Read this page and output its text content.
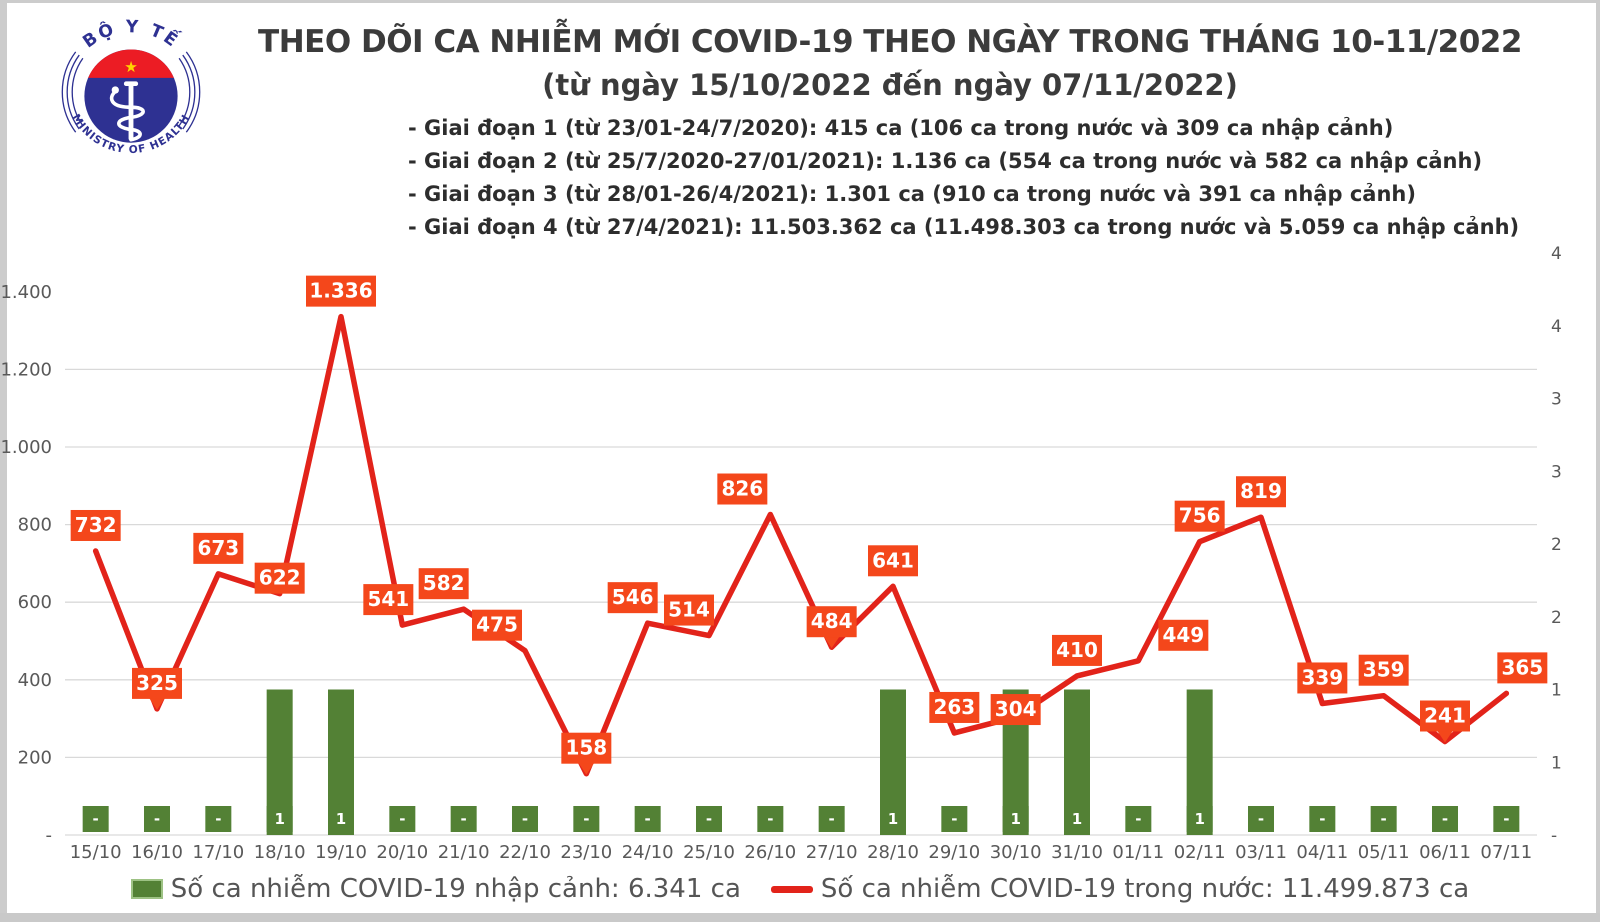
★
BỘ Y TẾ
MINISTRY OF HEALTH
THEO DÕI CA NHIỄM MỚI COVID-19 THEO NGÀY TRONG THÁNG 10-11/2022
(từ ngày 15/10/2022 đến ngày 07/11/2022)
- Giai đoạn 1 (từ 23/01-24/7/2020): 415 ca (106 ca trong nước và 309 ca nhập cảnh)
- Giai đoạn 2 (từ 25/7/2020-27/01/2021): 1.136 ca (554 ca trong nước và 582 ca nhập cảnh)
- Giai đoạn 3 (từ 28/01-26/4/2021): 1.301 ca (910 ca trong nước và 391 ca nhập cảnh)
- Giai đoạn 4 (từ 27/4/2021): 11.503.362 ca (11.498.303 ca trong nước và 5.059 ca nhập cảnh)
1.400
1.200
1.000
800
600
400
200
-
4
4
3
3
2
2
1
1
-
15/10 16/10 17/10 18/10 19/10 20/10 21/10 22/10 23/10 24/10 25/10 26/10 27/10 28/10 29/10 30/10 31/10 01/11 02/11 03/11 04/11 05/11 06/11 07/11
-	-	-	1	1	-	-	-	-	-	-	-	-	1	-	1	1	-	1	-	-	-	-	-
732
325
673
622
1.336
541
582
475
158
546
514
826
484
641
263 304
410
449
756
819
339 359
241
365
Số ca nhiễm COVID-19 nhập cảnh: 6.341 ca	Số ca nhiễm COVID-19 trong nước: 11.499.873 ca
